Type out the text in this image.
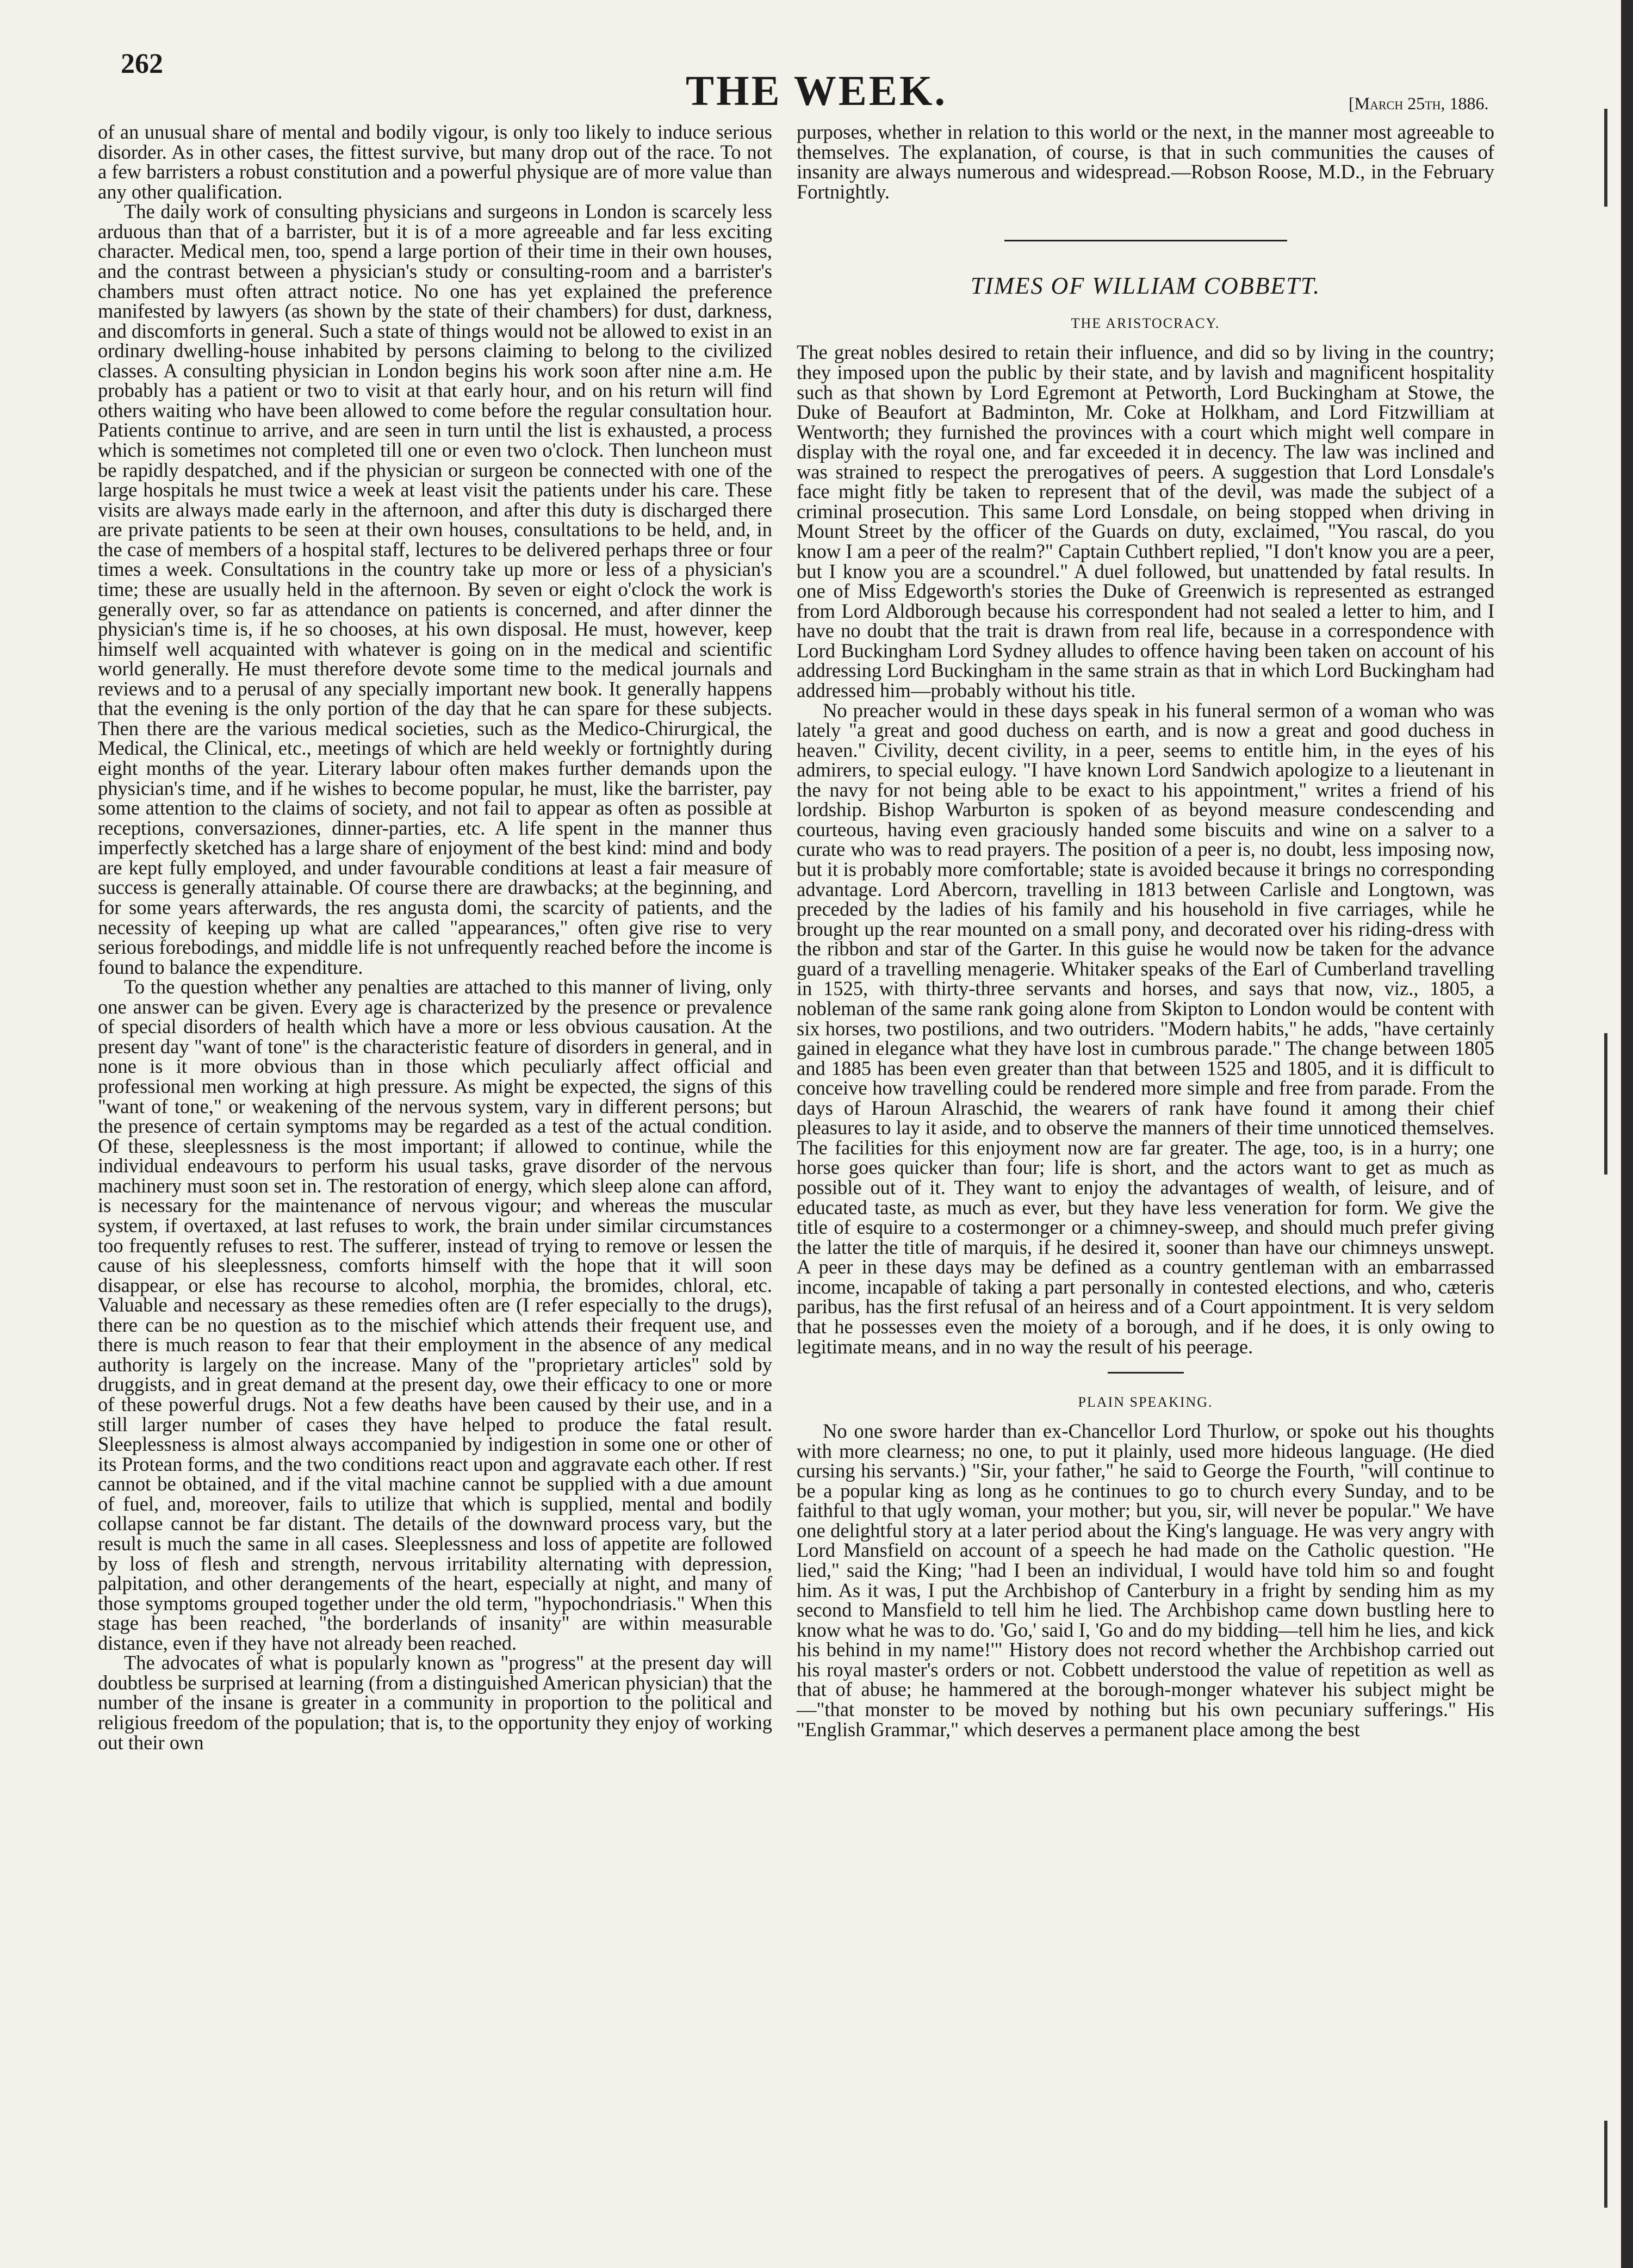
262
THE WEEK.	[March 25th, 1886.

of an unusual share of mental and bodily vigour, is only too likely to induce serious disorder. As in other cases, the fittest survive, but many drop out of the race. To not a few barristers a robust constitution and a powerful physique are of more value than any other qualification.

The daily work of consulting physicians and surgeons in London is scarcely less arduous than that of a barrister, but it is of a more agreeable and far less exciting character. Medical men, too, spend a large portion of their time in their own houses, and the contrast between a physician's study or consulting-room and a barrister's chambers must often attract notice. No one has yet explained the preference manifested by lawyers (as shown by the state of their chambers) for dust, darkness, and discomforts in general. Such a state of things would not be allowed to exist in an ordinary dwelling-house inhabited by persons claiming to belong to the civilized classes. A consulting physician in London begins his work soon after nine a.m. He probably has a patient or two to visit at that early hour, and on his return will find others waiting who have been allowed to come before the regular consultation hour. Patients continue to arrive, and are seen in turn until the list is exhausted, a process which is sometimes not completed till one or even two o'clock. Then luncheon must be rapidly despatched, and if the physician or surgeon be connected with one of the large hospitals he must twice a week at least visit the patients under his care. These visits are always made early in the afternoon, and after this duty is discharged there are private patients to be seen at their own houses, consultations to be held, and, in the case of members of a hospital staff, lectures to be delivered perhaps three or four times a week. Consultations in the country take up more or less of a physician's time; these are usually held in the afternoon. By seven or eight o'clock the work is generally over, so far as attendance on patients is concerned, and after dinner the physician's time is, if he so chooses, at his own disposal. He must, however, keep himself well acquainted with whatever is going on in the medical and scientific world generally. He must therefore devote some time to the medical journals and reviews and to a perusal of any specially important new book. It generally happens that the evening is the only portion of the day that he can spare for these subjects. Then there are the various medical societies, such as the Medico-Chirurgical, the Medical, the Clinical, etc., meetings of which are held weekly or fortnightly during eight months of the year. Literary labour often makes further demands upon the physician's time, and if he wishes to become popular, he must, like the barrister, pay some attention to the claims of society, and not fail to appear as often as possible at receptions, conversaziones, dinner-parties, etc. A life spent in the manner thus imperfectly sketched has a large share of enjoyment of the best kind: mind and body are kept fully employed, and under favourable conditions at least a fair measure of success is generally attainable. Of course there are drawbacks; at the beginning, and for some years afterwards, the res angusta domi, the scarcity of patients, and the necessity of keeping up what are called "appearances," often give rise to very serious forebodings, and middle life is not unfrequently reached before the income is found to balance the expenditure.

To the question whether any penalties are attached to this manner of living, only one answer can be given. Every age is characterized by the presence or prevalence of special disorders of health which have a more or less obvious causation. At the present day "want of tone" is the characteristic feature of disorders in general, and in none is it more obvious than in those which peculiarly affect official and professional men working at high pressure. As might be expected, the signs of this "want of tone," or weakening of the nervous system, vary in different persons; but the presence of certain symptoms may be regarded as a test of the actual condition. Of these, sleeplessness is the most important; if allowed to continue, while the individual endeavours to perform his usual tasks, grave disorder of the nervous machinery must soon set in. The restoration of energy, which sleep alone can afford, is necessary for the maintenance of nervous vigour; and whereas the muscular system, if overtaxed, at last refuses to work, the brain under similar circumstances too frequently refuses to rest. The sufferer, instead of trying to remove or lessen the cause of his sleeplessness, comforts himself with the hope that it will soon disappear, or else has recourse to alcohol, morphia, the bromides, chloral, etc. Valuable and necessary as these remedies often are (I refer especially to the drugs), there can be no question as to the mischief which attends their frequent use, and there is much reason to fear that their employment in the absence of any medical authority is largely on the increase. Many of the "proprietary articles" sold by druggists, and in great demand at the present day, owe their efficacy to one or more of these powerful drugs. Not a few deaths have been caused by their use, and in a still larger number of cases they have helped to produce the fatal result. Sleeplessness is almost always accompanied by indigestion in some one or other of its Protean forms, and the two conditions react upon and aggravate each other. If rest cannot be obtained, and if the vital machine cannot be supplied with a due amount of fuel, and, moreover, fails to utilize that which is supplied, mental and bodily collapse cannot be far distant. The details of the downward process vary, but the result is much the same in all cases. Sleeplessness and loss of appetite are followed by loss of flesh and strength, nervous irritability alternating with depression, palpitation, and other derangements of the heart, especially at night, and many of those symptoms grouped together under the old term, "hypochondriasis." When this stage has been reached, "the borderlands of insanity" are within measurable distance, even if they have not already been reached.

The advocates of what is popularly known as "progress" at the present day will doubtless be surprised at learning (from a distinguished American physician) that the number of the insane is greater in a community in proportion to the political and religious freedom of the population; that is, to the opportunity they enjoy of working out their own

purposes, whether in relation to this world or the next, in the manner most agreeable to themselves. The explanation, of course, is that in such communities the causes of insanity are always numerous and widespread.—Robson Roose, M.D., in the February Fortnightly.

TIMES OF WILLIAM COBBETT.
THE ARISTOCRACY.

The great nobles desired to retain their influence, and did so by living in the country; they imposed upon the public by their state, and by lavish and magnificent hospitality such as that shown by Lord Egremont at Petworth, Lord Buckingham at Stowe, the Duke of Beaufort at Badminton, Mr. Coke at Holkham, and Lord Fitzwilliam at Wentworth; they furnished the provinces with a court which might well compare in display with the royal one, and far exceeded it in decency. The law was inclined and was strained to respect the prerogatives of peers. A suggestion that Lord Lonsdale's face might fitly be taken to represent that of the devil, was made the subject of a criminal prosecution. This same Lord Lonsdale, on being stopped when driving in Mount Street by the officer of the Guards on duty, exclaimed, "You rascal, do you know I am a peer of the realm?" Captain Cuthbert replied, "I don't know you are a peer, but I know you are a scoundrel." A duel followed, but unattended by fatal results. In one of Miss Edgeworth's stories the Duke of Greenwich is represented as estranged from Lord Aldborough because his correspondent had not sealed a letter to him, and I have no doubt that the trait is drawn from real life, because in a correspondence with Lord Buckingham Lord Sydney alludes to offence having been taken on account of his addressing Lord Buckingham in the same strain as that in which Lord Buckingham had addressed him—probably without his title.

No preacher would in these days speak in his funeral sermon of a woman who was lately "a great and good duchess on earth, and is now a great and good duchess in heaven." Civility, decent civility, in a peer, seems to entitle him, in the eyes of his admirers, to special eulogy. "I have known Lord Sandwich apologize to a lieutenant in the navy for not being able to be exact to his appointment," writes a friend of his lordship. Bishop Warburton is spoken of as beyond measure condescending and courteous, having even graciously handed some biscuits and wine on a salver to a curate who was to read prayers. The position of a peer is, no doubt, less imposing now, but it is probably more comfortable; state is avoided because it brings no corresponding advantage. Lord Abercorn, travelling in 1813 between Carlisle and Longtown, was preceded by the ladies of his family and his household in five carriages, while he brought up the rear mounted on a small pony, and decorated over his riding-dress with the ribbon and star of the Garter. In this guise he would now be taken for the advance guard of a travelling menagerie. Whitaker speaks of the Earl of Cumberland travelling in 1525, with thirty-three servants and horses, and says that now, viz., 1805, a nobleman of the same rank going alone from Skipton to London would be content with six horses, two postilions, and two outriders. "Modern habits," he adds, "have certainly gained in elegance what they have lost in cumbrous parade." The change between 1805 and 1885 has been even greater than that between 1525 and 1805, and it is difficult to conceive how travelling could be rendered more simple and free from parade. From the days of Haroun Alraschid, the wearers of rank have found it among their chief pleasures to lay it aside, and to observe the manners of their time unnoticed themselves. The facilities for this enjoyment now are far greater. The age, too, is in a hurry; one horse goes quicker than four; life is short, and the actors want to get as much as possible out of it. They want to enjoy the advantages of wealth, of leisure, and of educated taste, as much as ever, but they have less veneration for form. We give the title of esquire to a costermonger or a chimney-sweep, and should much prefer giving the latter the title of marquis, if he desired it, sooner than have our chimneys unswept. A peer in these days may be defined as a country gentleman with an embarrassed income, incapable of taking a part personally in contested elections, and who, cæteris paribus, has the first refusal of an heiress and of a Court appointment. It is very seldom that he possesses even the moiety of a borough, and if he does, it is only owing to legitimate means, and in no way the result of his peerage.

PLAIN SPEAKING.

No one swore harder than ex-Chancellor Lord Thurlow, or spoke out his thoughts with more clearness; no one, to put it plainly, used more hideous language. (He died cursing his servants.) "Sir, your father," he said to George the Fourth, "will continue to be a popular king as long as he continues to go to church every Sunday, and to be faithful to that ugly woman, your mother; but you, sir, will never be popular." We have one delightful story at a later period about the King's language. He was very angry with Lord Mansfield on account of a speech he had made on the Catholic question. "He lied," said the King; "had I been an individual, I would have told him so and fought him. As it was, I put the Archbishop of Canterbury in a fright by sending him as my second to Mansfield to tell him he lied. The Archbishop came down bustling here to know what he was to do. 'Go,' said I, 'Go and do my bidding—tell him he lies, and kick his behind in my name!'" History does not record whether the Archbishop carried out his royal master's orders or not. Cobbett understood the value of repetition as well as that of abuse; he hammered at the borough-monger whatever his subject might be—"that monster to be moved by nothing but his own pecuniary sufferings." His "English Grammar," which deserves a permanent place among the best
